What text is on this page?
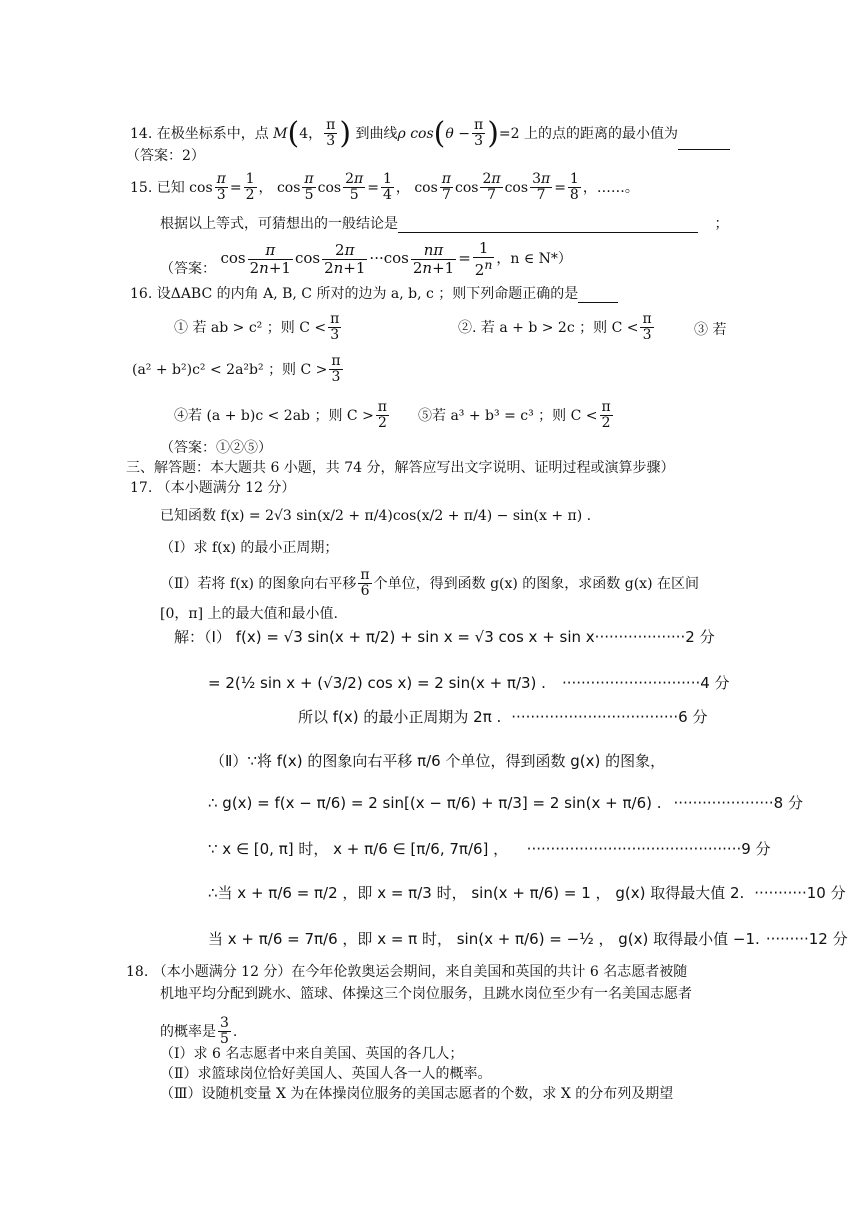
14. 在极坐标系中，点 M(4， $\frac{\pi}{3}$ ) 到曲线ρ $\cos(\theta - \frac{\pi}{3} )=2$ 上的点的距离的最小值为
（答案：2）
15. 已知 $\cos \frac{\pi}{3} = \frac{1}{2}$ ， $\cos \frac{\pi}{5}$ $\cos \frac{2\pi}{5} = \frac{1}{4}$ ， $\cos \frac{\pi}{7}$ $\cos \frac{2\pi}{7}$ $\cos \frac{3\pi}{7} = \frac{1}{8}$ ，……。
根据以上等式，可猜想出的一般结论是	；
（答案： $\cos \frac{\pi}{2n+1}$ $\cos \frac{2\pi}{2n+1} \cdot\cdot\cdot\cos \frac{n\pi}{2n+1} = \frac{1}{2^n}$ ，n ∈ N*）
16. 设ΔABC 的内角 A, B, C 所对的边为 a, b, c ；则下列命题正确的是
① 若 ab > c² ；则 $C < \frac{\pi}{3}$	②. 若 a + b > 2c ；则 $C < \frac{\pi}{3}$	③ 若
(a² + b²)c² < 2a²b² ；则 $C > \frac{\pi}{3}$
④若 (a + b)c < 2ab ；则 $C > \frac{\pi}{2}$ ⑤若 a³ + b³ = c³ ；则 $C < \frac{\pi}{2}$
（答案：①②⑤）
三、解答题：本大题共 6 小题，共 74 分，解答应写出文字说明、证明过程或演算步骤）
17. （本小题满分 12 分）
已知函数 f(x) = 2√3 sin(x/2 + π/4)cos(x/2 + π/4) − sin(x + π) .
（Ⅰ）求 f(x) 的最小正周期；
（Ⅱ）若将 f(x) 的图象向右平移 $\frac{\pi}{6}$ 个单位，得到函数 g(x) 的图象，求函数 g(x) 在区间
[0，π] 上的最大值和最小值.
解：（Ⅰ） f(x) = √3 sin(x + π/2) + sin x = √3 cos x + sin x···················2 分
= 2(½ sin x + (√3/2) cos x) = 2 sin(x + π/3) . ·····························4 分
所以 f(x) 的最小正周期为 2π . ···································6 分
（Ⅱ）∵将 f(x) 的图象向右平移 π/6 个单位，得到函数 g(x) 的图象，
∴ g(x) = f(x − π/6) = 2 sin[(x − π/6) + π/3] = 2 sin(x + π/6) . ·····················8 分
∵ x ∈ [0, π] 时， x + π/6 ∈ [π/6, 7π/6] ， ·············································9 分
∴当 x + π/6 = π/2 ，即 x = π/3 时， sin(x + π/6) = 1 ， g(x) 取得最大值 2. ···········10 分
当 x + π/6 = 7π/6 ，即 x = π 时， sin(x + π/6) = −½ ， g(x) 取得最小值 −1. ·········12 分
18. （本小题满分 12 分）在今年伦敦奥运会期间，来自美国和英国的共计 6 名志愿者被随
机地平均分配到跳水、篮球、体操这三个岗位服务，且跳水岗位至少有一名美国志愿者
的概率是 $\frac{3}{5}$ .
（Ⅰ）求 6 名志愿者中来自美国、英国的各几人；
（Ⅱ）求篮球岗位恰好美国人、英国人各一人的概率。
（Ⅲ）设随机变量 X 为在体操岗位服务的美国志愿者的个数，求 X 的分布列及期望
